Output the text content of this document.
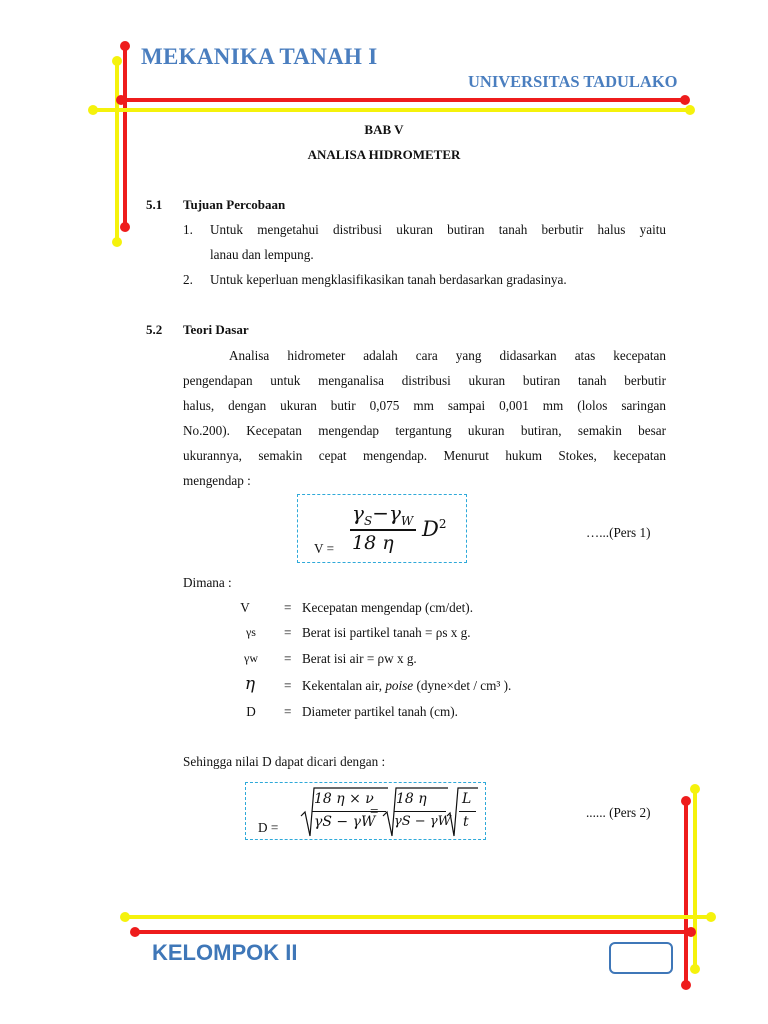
MEKANIKA TANAH I
UNIVERSITAS TADULAKO
BAB V
ANALISA HIDROMETER
5.1 Tujuan Percobaan
1. Untuk mengetahui distribusi ukuran butiran tanah berbutir halus yaitu
lanau dan lempung.
2. Untuk keperluan mengklasifikasikan tanah berdasarkan gradasinya.
5.2 Teori Dasar
Analisa hidrometer adalah cara yang didasarkan atas kecepatan
pengendapan untuk menganalisa distribusi ukuran butiran tanah berbutir
halus, dengan ukuran butir 0,075 mm sampai 0,001 mm (lolos saringan
No.200). Kecepatan mengendap tergantung ukuran butiran, semakin besar
ukurannya, semakin cepat mengendap. Menurut hukum Stokes, kecepatan
mengendap :
V =
$\gamma_S-\gamma_W$
18 η
$D^2$
…...(Pers 1)
Dimana :
V	= Kecepatan mengendap (cm/det).
γs	= Berat isi partikel tanah = ρs x g.
γw	= Berat isi air = ρw x g.
η	= Kekentalan air, poise (dyne×det / cm³ ).
D	= Diameter partikel tanah (cm).
Sehingga nilai D dapat dicari dengan :
D =
18 η × ν
γS − γW
=
18 η
γS − γW
L
t
...... (Pers 2)
KELOMPOK II
